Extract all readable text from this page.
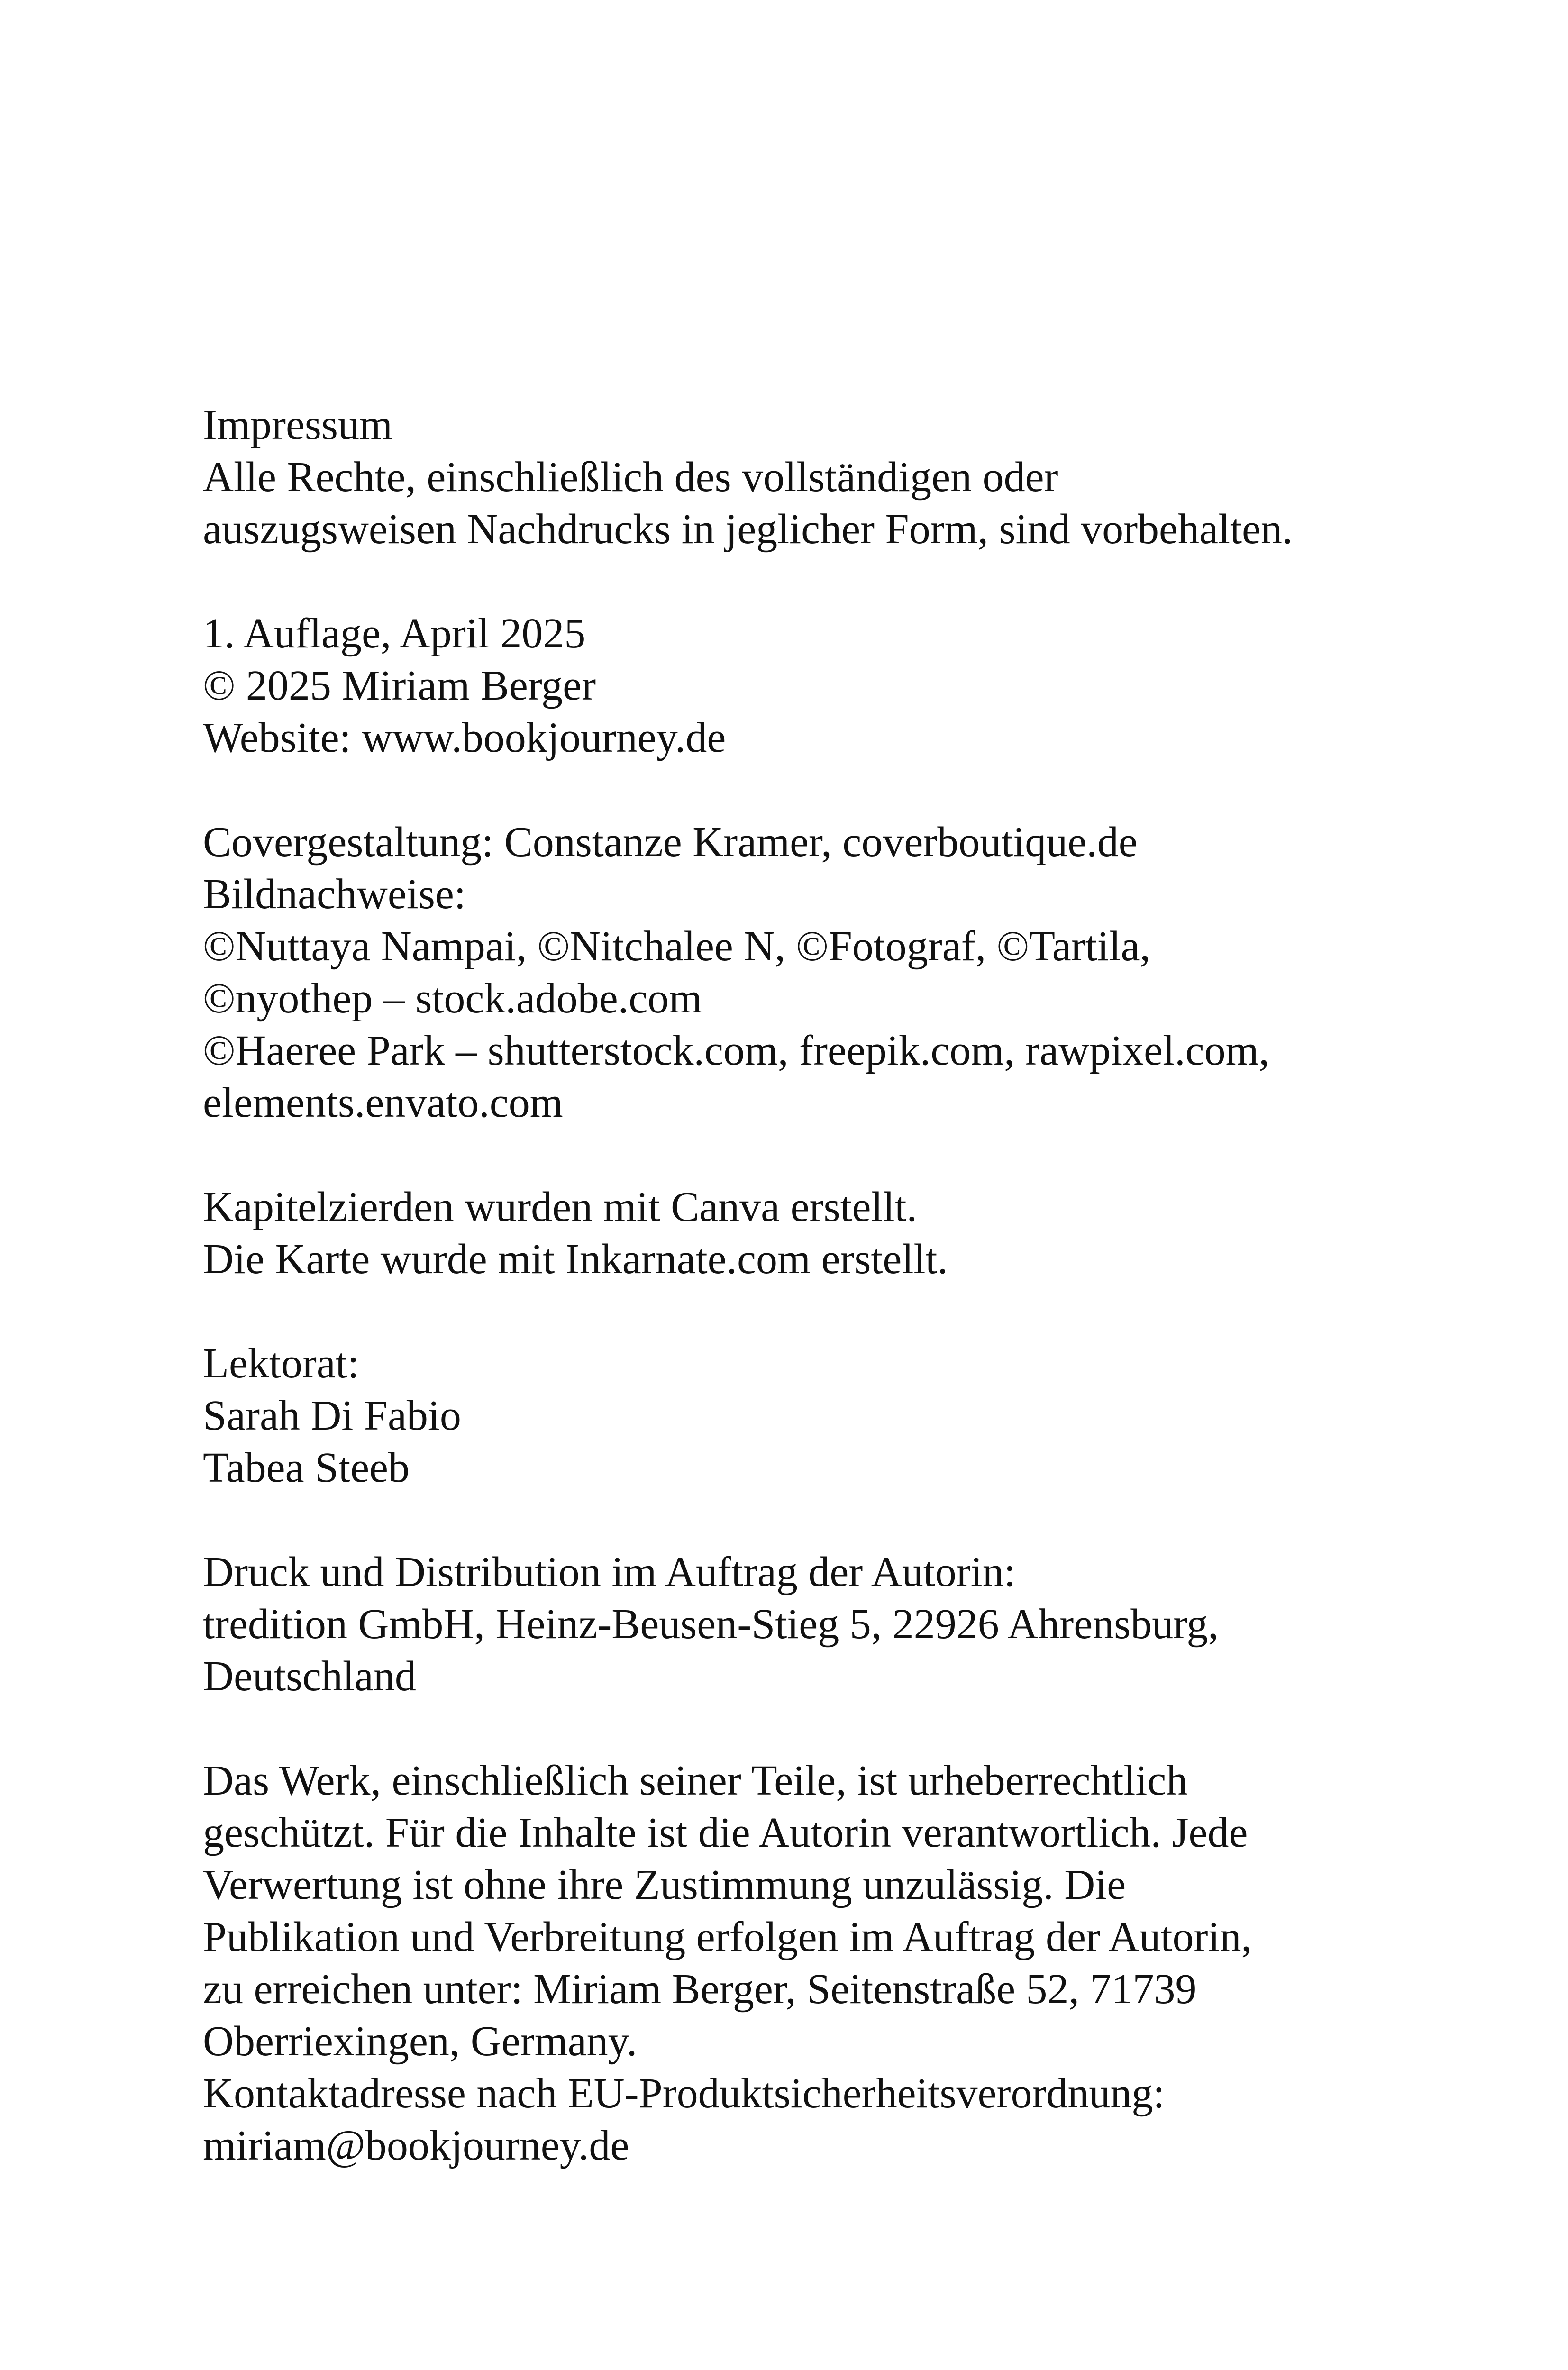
Impressum
Alle Rechte, einschließlich des vollständigen oder
auszugsweisen Nachdrucks in jeglicher Form, sind vorbehalten.
1. Auflage, April 2025
© 2025 Miriam Berger
Website: www.bookjourney.de
Covergestaltung: Constanze Kramer, coverboutique.de
Bildnachweise:
©Nuttaya Nampai, ©Nitchalee N, ©Fotograf, ©Tartila,
©nyothep – stock.adobe.com
©Haeree Park – shutterstock.com, freepik.com, rawpixel.com,
elements.envato.com
Kapitelzierden wurden mit Canva erstellt.
Die Karte wurde mit Inkarnate.com erstellt.
Lektorat:
Sarah Di Fabio
Tabea Steeb
Druck und Distribution im Auftrag der Autorin:
tredition GmbH, Heinz-Beusen-Stieg 5, 22926 Ahrensburg,
Deutschland
Das Werk, einschließlich seiner Teile, ist urheberrechtlich
geschützt. Für die Inhalte ist die Autorin verantwortlich. Jede
Verwertung ist ohne ihre Zustimmung unzulässig. Die
Publikation und Verbreitung erfolgen im Auftrag der Autorin,
zu erreichen unter: Miriam Berger, Seitenstraße 52, 71739
Oberriexingen, Germany.
Kontaktadresse nach EU-Produktsicherheitsverordnung:
miriam@bookjourney.de
